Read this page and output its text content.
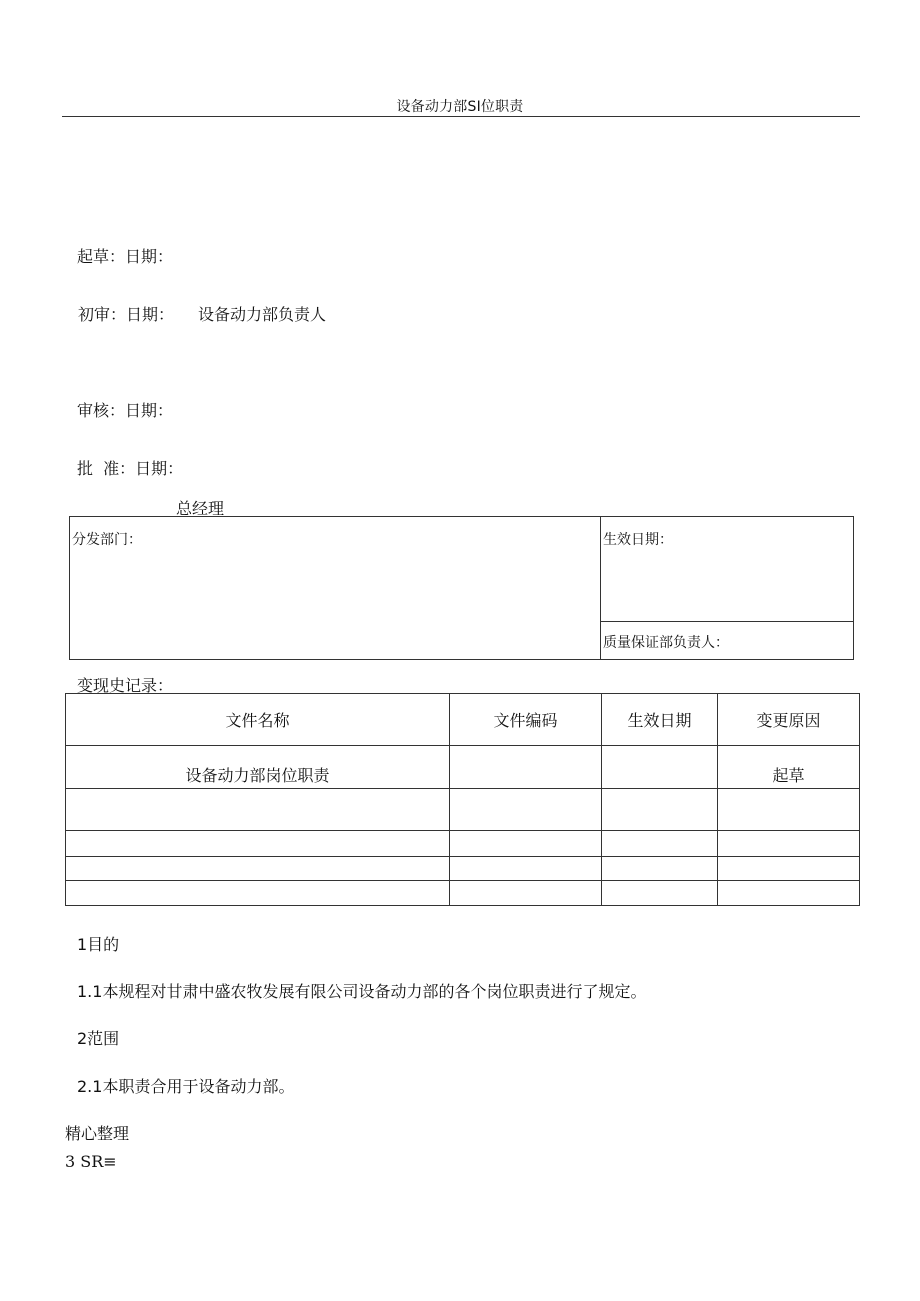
设备动力部SI位职责
起草：日期：
初审：日期： 设备动力部负责人
审核：日期：
批  准：日期：
总经理
分发部门：	生效日期：
质量保证部负责人：
变现史记录：
文件名称	文件编码	生效日期	变更原因
设备动力部岗位职责			起草

1目的
1.1本规程对甘肃中盛农牧发展有限公司设备动力部的各个岗位职责进行了规定。
2范围
2.1本职责合用于设备动力部。
精心整理
3 SR≡
